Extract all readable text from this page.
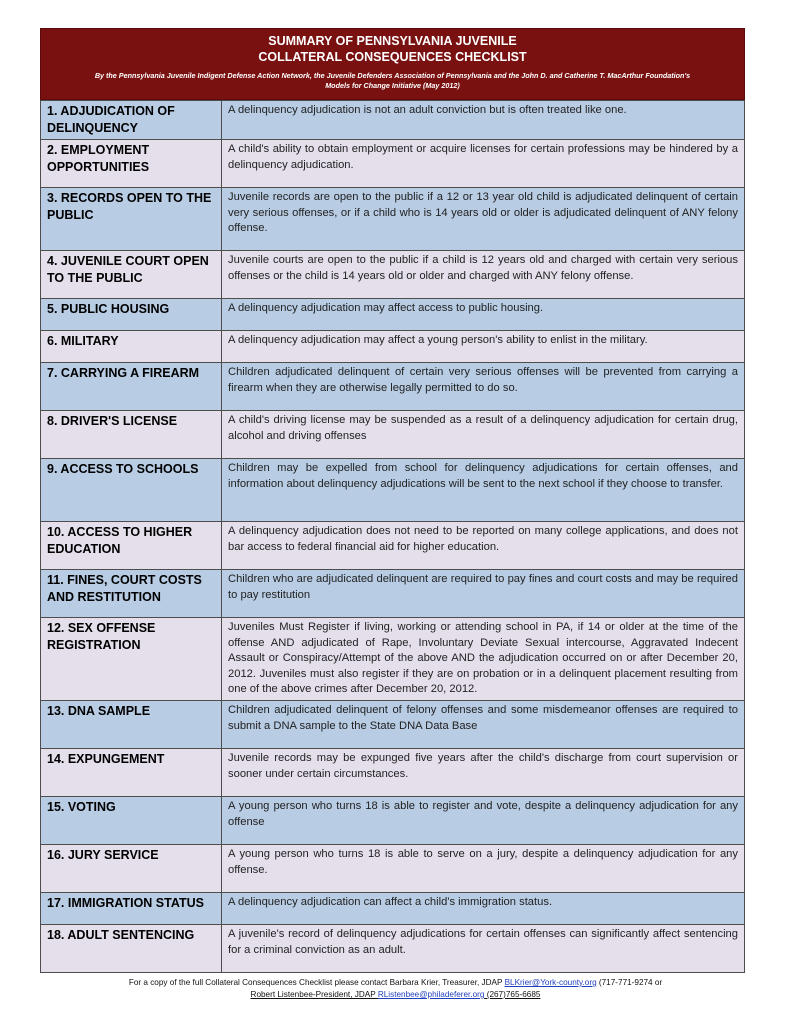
SUMMARY OF PENNSYLVANIA JUVENILE
COLLATERAL CONSEQUENCES CHECKLIST
By the Pennsylvania Juvenile Indigent Defense Action Network, the Juvenile Defenders Association of Pennsylvania and the John D. and Catherine T. MacArthur Foundation's
Models for Change Initiative (May 2012)
1. ADJUDICATION OF DELINQUENCY	A delinquency adjudication is not an adult conviction but is often treated like one.
2. EMPLOYMENT OPPORTUNITIES	A child's ability to obtain employment or acquire licenses for certain professions may be hindered by a delinquency adjudication.
3. RECORDS OPEN TO THE PUBLIC	Juvenile records are open to the public if a 12 or 13 year old child is adjudicated delinquent of certain very serious offenses, or if a child who is 14 years old or older is adjudicated delinquent of ANY felony offense.
4. JUVENILE COURT OPEN TO THE PUBLIC	Juvenile courts are open to the public if a child is 12 years old and charged with certain very serious offenses or the child is 14 years old or older and charged with ANY felony offense.
5. PUBLIC HOUSING	A delinquency adjudication may affect access to public housing.
6. MILITARY	A delinquency adjudication may affect a young person's ability to enlist in the military.
7. CARRYING A FIREARM	Children adjudicated delinquent of certain very serious offenses will be prevented from carrying a firearm when they are otherwise legally permitted to do so.
8. DRIVER'S LICENSE	A child's driving license may be suspended as a result of a delinquency adjudication for certain drug, alcohol and driving offenses
9. ACCESS TO SCHOOLS	Children may be expelled from school for delinquency adjudications for certain offenses, and information about delinquency adjudications will be sent to the next school if they choose to transfer.
10. ACCESS TO HIGHER EDUCATION	A delinquency adjudication does not need to be reported on many college applications, and does not bar access to federal financial aid for higher education.
11. FINES, COURT COSTS AND RESTITUTION	Children who are adjudicated delinquent are required to pay fines and court costs and may be required to pay restitution
12. SEX OFFENSE REGISTRATION	Juveniles Must Register if living, working or attending school in PA, if 14 or older at the time of the offense AND adjudicated of Rape, Involuntary Deviate Sexual intercourse, Aggravated Indecent Assault or Conspiracy/Attempt of the above AND the adjudication occurred on or after December 20, 2012. Juveniles must also register if they are on probation or in a delinquent placement resulting from one of the above crimes after December 20, 2012.
13. DNA SAMPLE	Children adjudicated delinquent of felony offenses and some misdemeanor offenses are required to submit a DNA sample to the State DNA Data Base
14. EXPUNGEMENT	Juvenile records may be expunged five years after the child's discharge from court supervision or sooner under certain circumstances.
15. VOTING	A young person who turns 18 is able to register and vote, despite a delinquency adjudication for any offense
16. JURY SERVICE	A young person who turns 18 is able to serve on a jury, despite a delinquency adjudication for any offense.
17. IMMIGRATION STATUS	A delinquency adjudication can affect a child's immigration status.
18. ADULT SENTENCING	A juvenile's record of delinquency adjudications for certain offenses can significantly affect sentencing for a criminal conviction as an adult.
For a copy of the full Collateral Consequences Checklist please contact Barbara Krier, Treasurer, JDAP BLKrier@York-county.org (717-771-9274 or
Robert Listenbee-President, JDAP RListenbee@philadeferer.org (267)765-6685
